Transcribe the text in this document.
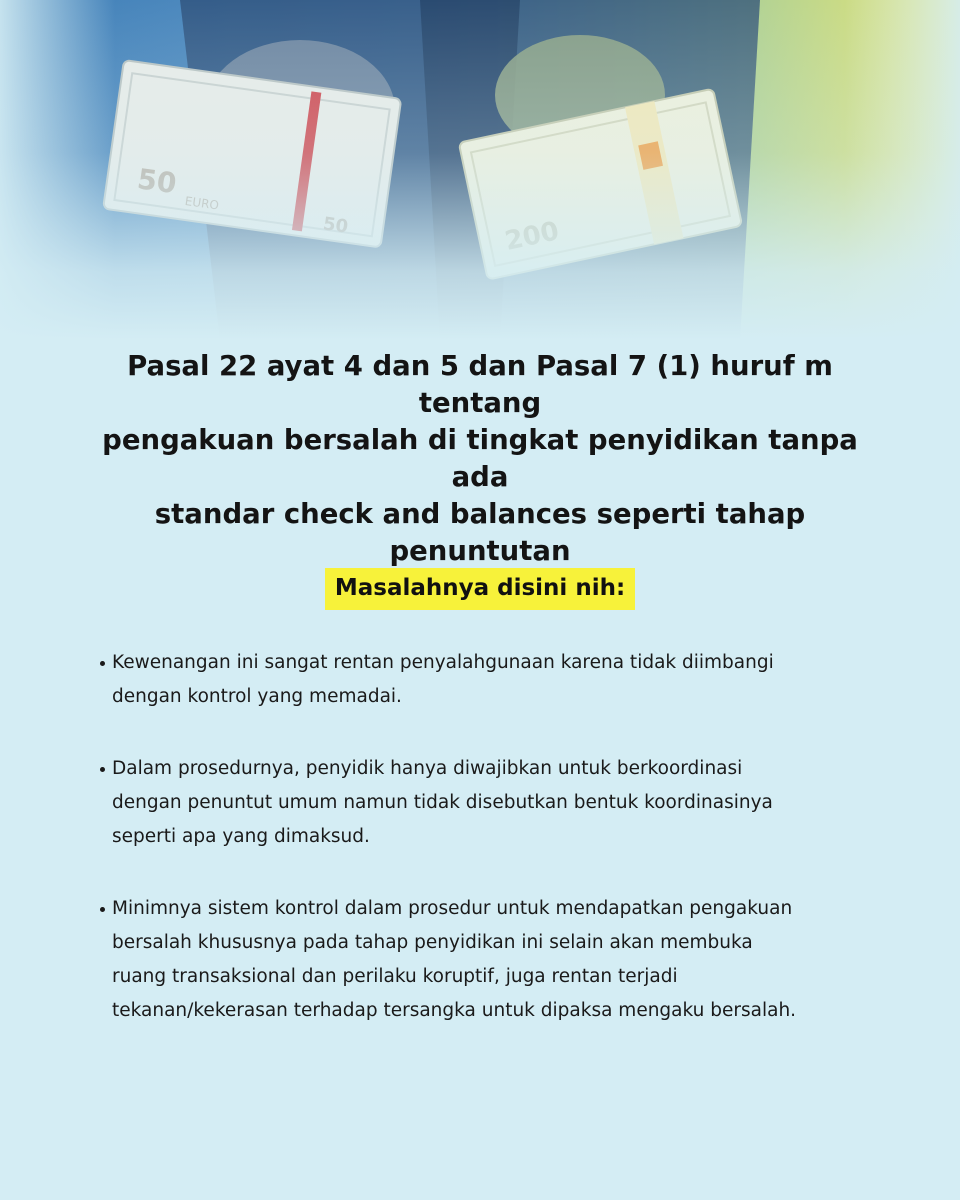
Pasal 22 ayat 4 dan 5 dan Pasal 7 (1) huruf m tentang
pengakuan bersalah di tingkat penyidikan tanpa ada
standar check and balances seperti tahap
penuntutan
Masalahnya disini nih:
Kewenangan ini sangat rentan penyalahgunaan karena tidak diimbangi
dengan kontrol yang memadai.
Dalam prosedurnya, penyidik hanya diwajibkan untuk berkoordinasi
dengan penuntut umum namun tidak disebutkan bentuk koordinasinya
seperti apa yang dimaksud.
Minimnya sistem kontrol dalam prosedur untuk mendapatkan pengakuan
bersalah khususnya pada tahap penyidikan ini selain akan membuka
ruang transaksional dan perilaku koruptif, juga rentan terjadi
tekanan/kekerasan terhadap tersangka untuk dipaksa mengaku bersalah.
